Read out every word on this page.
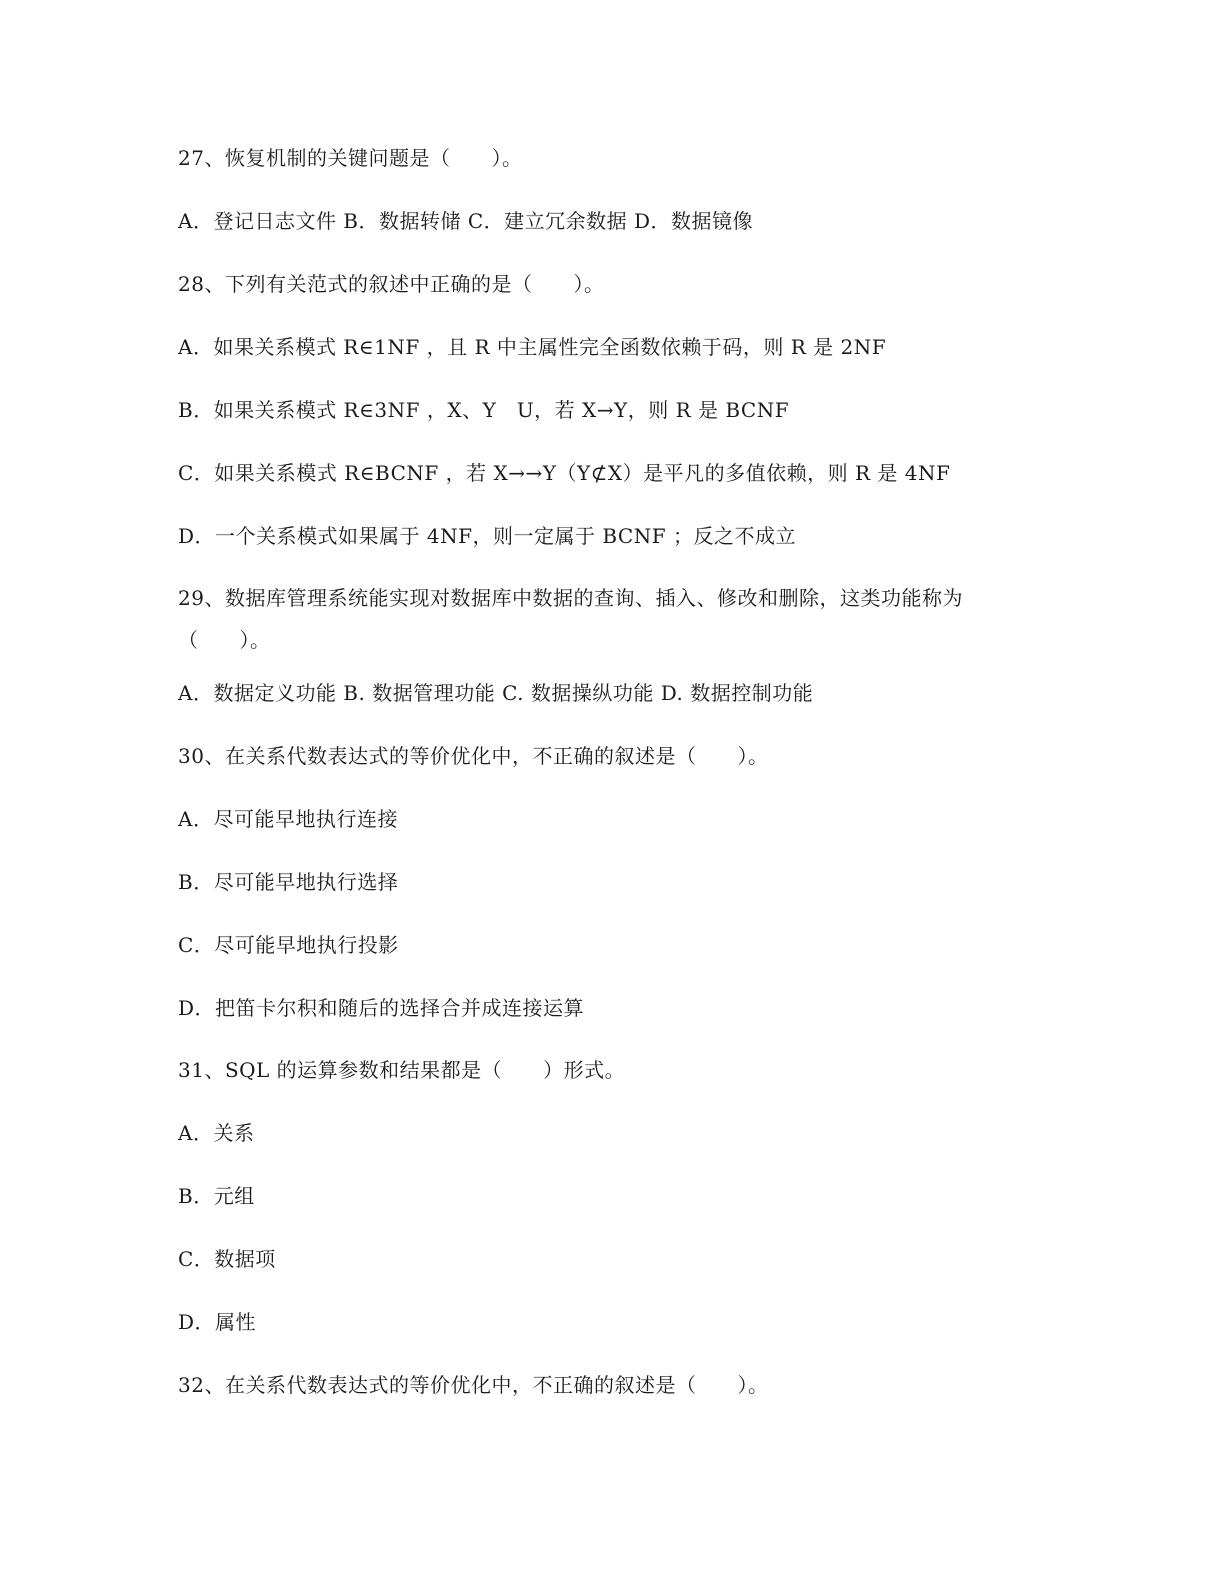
27、恢复机制的关键问题是（　　）。
A．登记日志文件 B．数据转储 C．建立冗余数据 D．数据镜像
28、下列有关范式的叙述中正确的是（　　）。
A．如果关系模式 R∈1NF ，且 R 中主属性完全函数依赖于码，则 R 是 2NF
B．如果关系模式 R∈3NF ，X、Y　U，若 X→Y，则 R 是 BCNF
C．如果关系模式 R∈BCNF ，若 X→→Y（Y⊄X）是平凡的多值依赖，则 R 是 4NF
D．一个关系模式如果属于 4NF，则一定属于 BCNF ；反之不成立
29、数据库管理系统能实现对数据库中数据的查询、插入、修改和删除，这类功能称为
（　　）。
A．数据定义功能 B. 数据管理功能 C. 数据操纵功能 D. 数据控制功能
30、在关系代数表达式的等价优化中，不正确的叙述是（　　）。
A．尽可能早地执行连接
B．尽可能早地执行选择
C．尽可能早地执行投影
D．把笛卡尔积和随后的选择合并成连接运算
31、SQL 的运算参数和结果都是（　　）形式。
A．关系
B．元组
C．数据项
D．属性
32、在关系代数表达式的等价优化中，不正确的叙述是（　　）。
